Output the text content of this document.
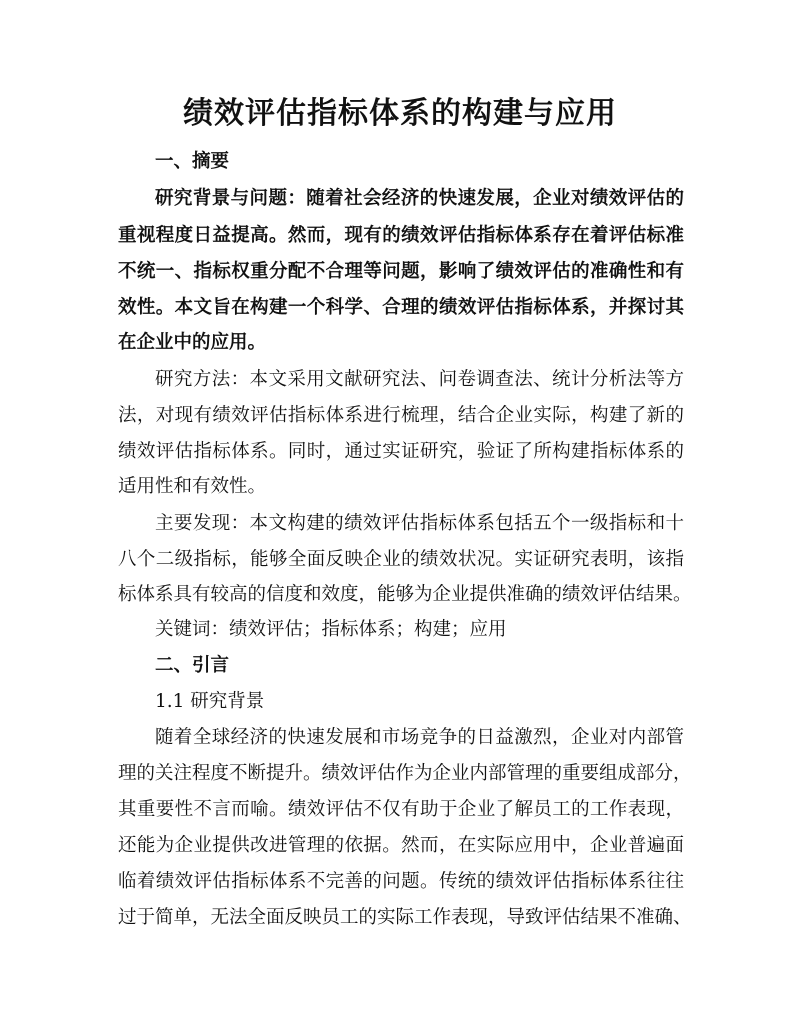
绩效评估指标体系的构建与应用
一、摘要
研究背景与问题：随着社会经济的快速发展，企业对绩效评估的
重视程度日益提高。然而，现有的绩效评估指标体系存在着评估标准
不统一、指标权重分配不合理等问题，影响了绩效评估的准确性和有
效性。本文旨在构建一个科学、合理的绩效评估指标体系，并探讨其
在企业中的应用。
研究方法：本文采用文献研究法、问卷调查法、统计分析法等方
法，对现有绩效评估指标体系进行梳理，结合企业实际，构建了新的
绩效评估指标体系。同时，通过实证研究，验证了所构建指标体系的
适用性和有效性。
主要发现：本文构建的绩效评估指标体系包括五个一级指标和十
八个二级指标，能够全面反映企业的绩效状况。实证研究表明，该指
标体系具有较高的信度和效度，能够为企业提供准确的绩效评估结果。
关键词：绩效评估；指标体系；构建；应用
二、引言
1.1 研究背景
随着全球经济的快速发展和市场竞争的日益激烈，企业对内部管
理的关注程度不断提升。绩效评估作为企业内部管理的重要组成部分，
其重要性不言而喻。绩效评估不仅有助于企业了解员工的工作表现，
还能为企业提供改进管理的依据。然而，在实际应用中，企业普遍面
临着绩效评估指标体系不完善的问题。传统的绩效评估指标体系往往
过于简单，无法全面反映员工的实际工作表现，导致评估结果不准确、
